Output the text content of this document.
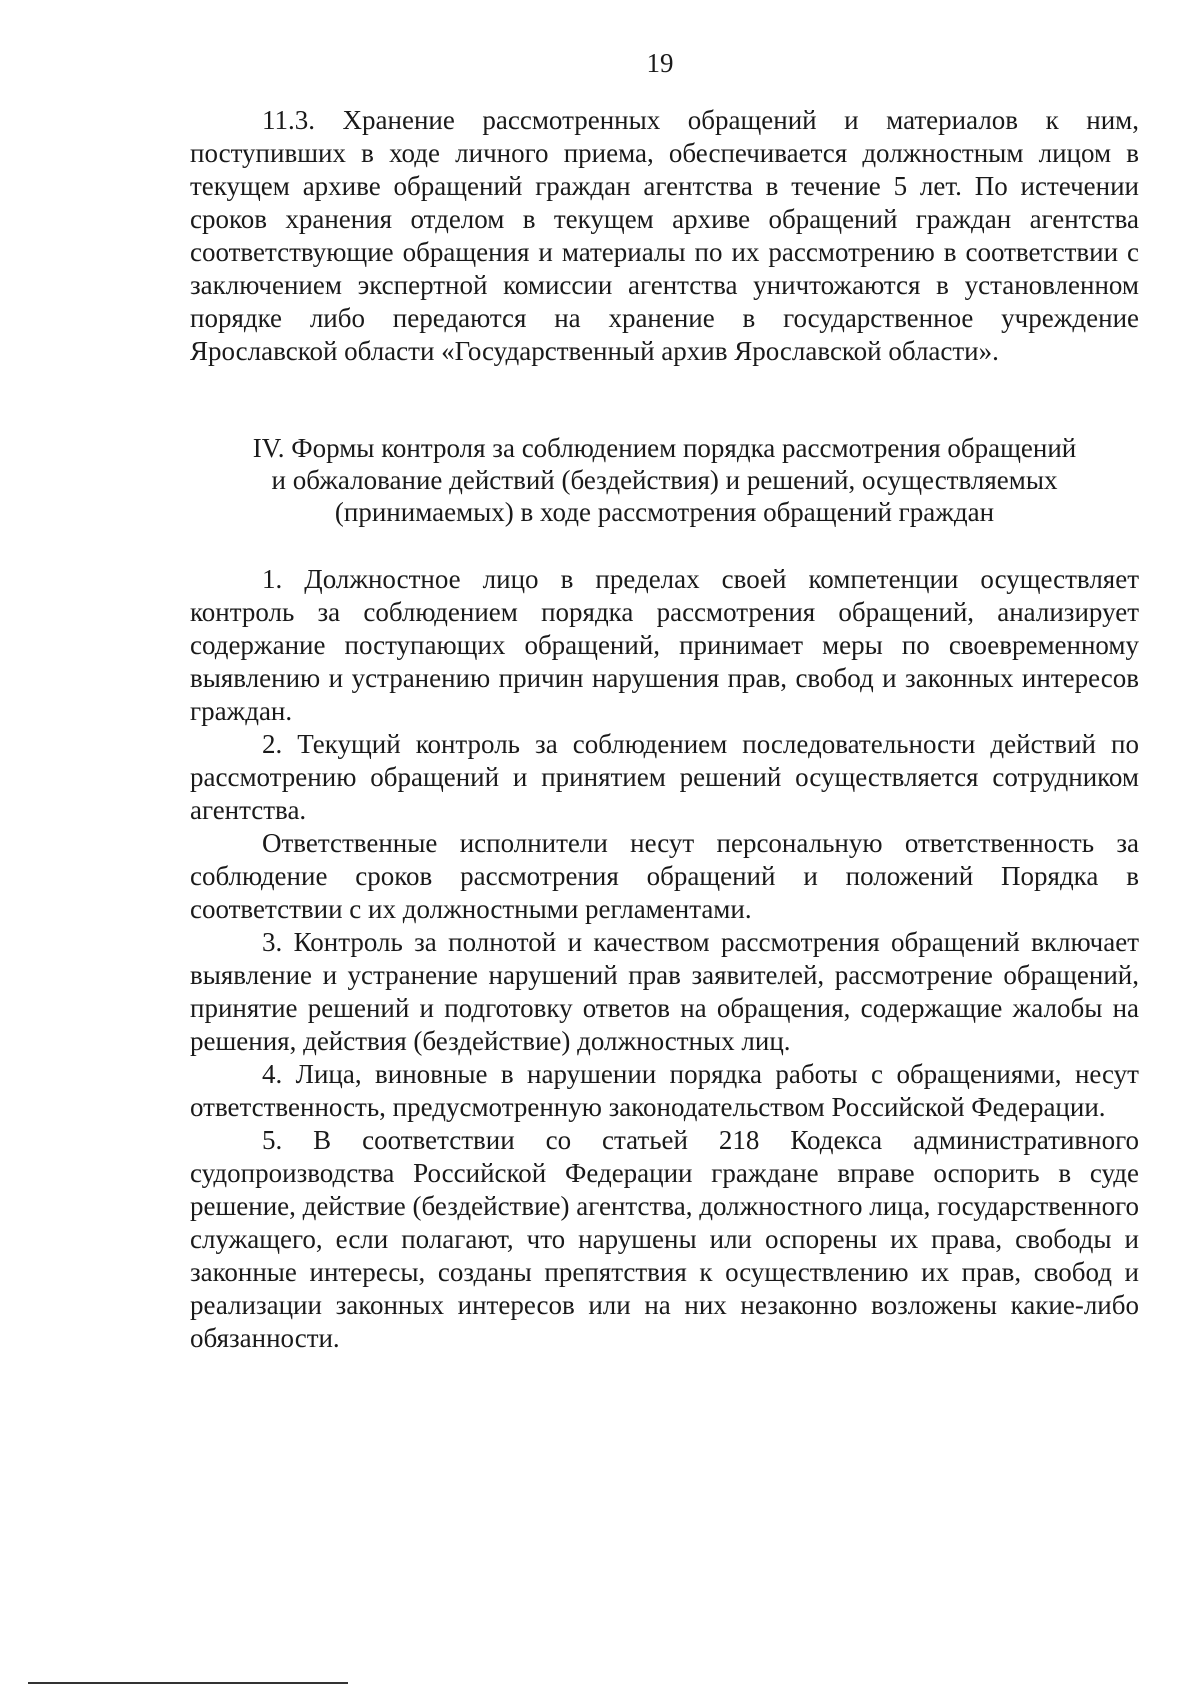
19

11.3. Хранение рассмотренных обращений и материалов к ним, поступивших в ходе личного приема, обеспечивается должностным лицом в текущем архиве обращений граждан агентства в течение 5 лет. По истечении сроков хранения отделом в текущем архиве обращений граждан агентства соответствующие обращения и материалы по их рассмотрению в соответствии с заключением экспертной комиссии агентства уничтожаются в установленном порядке либо передаются на хранение в государственное учреждение Ярославской области «Государственный архив Ярославской области».

IV. Формы контроля за соблюдением порядка рассмотрения обращений
и обжалование действий (бездействия) и решений, осуществляемых
(принимаемых) в ходе рассмотрения обращений граждан

1. Должностное лицо в пределах своей компетенции осуществляет контроль за соблюдением порядка рассмотрения обращений, анализирует содержание поступающих обращений, принимает меры по своевременному выявлению и устранению причин нарушения прав, свобод и законных интересов граждан.

2. Текущий контроль за соблюдением последовательности действий по рассмотрению обращений и принятием решений осуществляется сотрудником агентства.

Ответственные исполнители несут персональную ответственность за соблюдение сроков рассмотрения обращений и положений Порядка в соответствии с их должностными регламентами.

3. Контроль за полнотой и качеством рассмотрения обращений включает выявление и устранение нарушений прав заявителей, рассмотрение обращений, принятие решений и подготовку ответов на обращения, содержащие жалобы на решения, действия (бездействие) должностных лиц.

4. Лица, виновные в нарушении порядка работы с обращениями, несут ответственность, предусмотренную законодательством Российской Федерации.

5. В соответствии со статьей 218 Кодекса административного судопроизводства Российской Федерации граждане вправе оспорить в суде решение, действие (бездействие) агентства, должностного лица, государственного служащего, если полагают, что нарушены или оспорены их права, свободы и законные интересы, созданы препятствия к осуществлению их прав, свобод и реализации законных интересов или на них незаконно возложены какие-либо обязанности.
